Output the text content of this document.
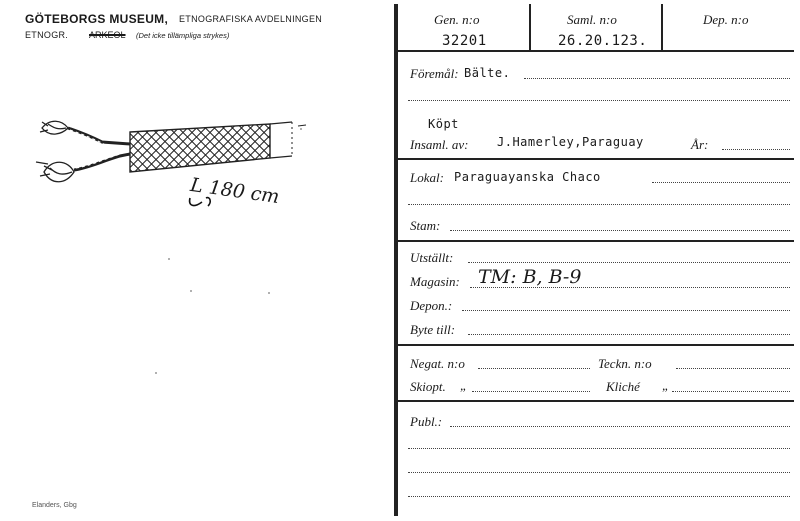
GÖTEBORGS MUSEUM, ETNOGRAFISKA AVDELNINGEN
ETNOGR. ARKEOL (Det icke tillämpliga strykes)
L 180 cm
Elanders, Gbg
Gen. n:o
32201
Saml. n:o
26.20.123.
Dep. n:o
Föremål: Bälte.
Köpt
Insaml. av: J.Hamerley,Paraguay	År:
Lokal: Paraguayanska Chaco
Stam:
Utställt:
Magasin: TM: B, B-9
Depon.:
Byte till:
Negat. n:o	Teckn. n:o
Skiopt. „	Kliché „
Publ.:
